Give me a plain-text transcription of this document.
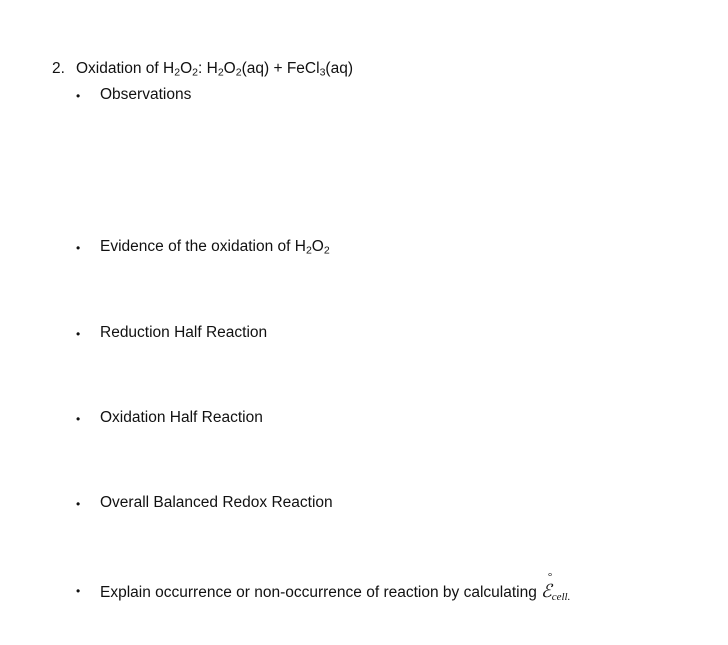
2. Oxidation of $H_2O_2$: $H_2O_2(aq)$ + FeCl$_3$(aq)
• Observations
• Evidence of the oxidation of $H_2O_2$
• Reduction Half Reaction
• Oxidation Half Reaction
• Overall Balanced Redox Reaction
• Explain occurrence or non-occurrence of reaction by calculating ℰ
°
cell.
